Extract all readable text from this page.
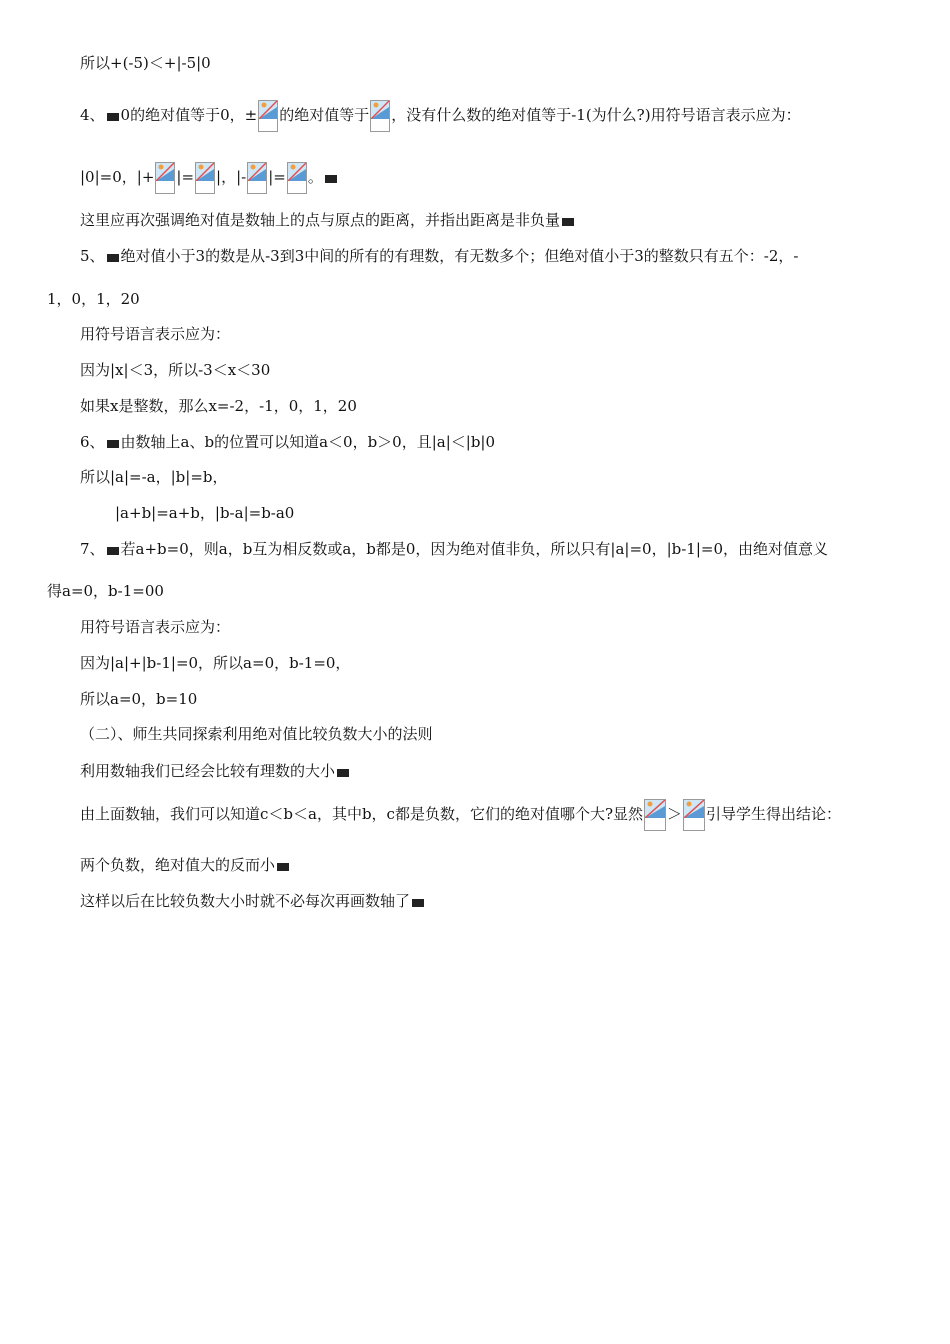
所以+(-5)＜+|-5|0
4、 0的绝对值等于0，± 的绝对值等于 ，没有什么数的绝对值等于-1(为什么?)用符号语言表示应为：
|0|=0，|+ |= |，|- |= 。
这里应再次强调绝对值是数轴上的点与原点的距离，并指出距离是非负量
5、 绝对值小于3的数是从-3到3中间的所有的有理数，有无数多个；但绝对值小于3的整数只有五个：-2，-
1，0，1，20
用符号语言表示应为：
因为|x|＜3，所以-3＜x＜30
如果x是整数，那么x=-2，-1，0，1，20
6、 由数轴上a、b的位置可以知道a＜0，b＞0，且|a|＜|b|0
所以|a|=-a，|b|=b，
|a+b|=a+b，|b-a|=b-a0
7、 若a+b=0，则a，b互为相反数或a，b都是0，因为绝对值非负，所以只有|a|=0，|b-1|=0，由绝对值意义
得a=0，b-1=00
用符号语言表示应为：
因为|a|+|b-1|=0，所以a=0，b-1=0，
所以a=0，b=10
（二）、师生共同探索利用绝对值比较负数大小的法则
利用数轴我们已经会比较有理数的大小
由上面数轴，我们可以知道c＜b＜a，其中b，c都是负数，它们的绝对值哪个大?显然 ＞ 引导学生得出结论：
两个负数，绝对值大的反而小
这样以后在比较负数大小时就不必每次再画数轴了
